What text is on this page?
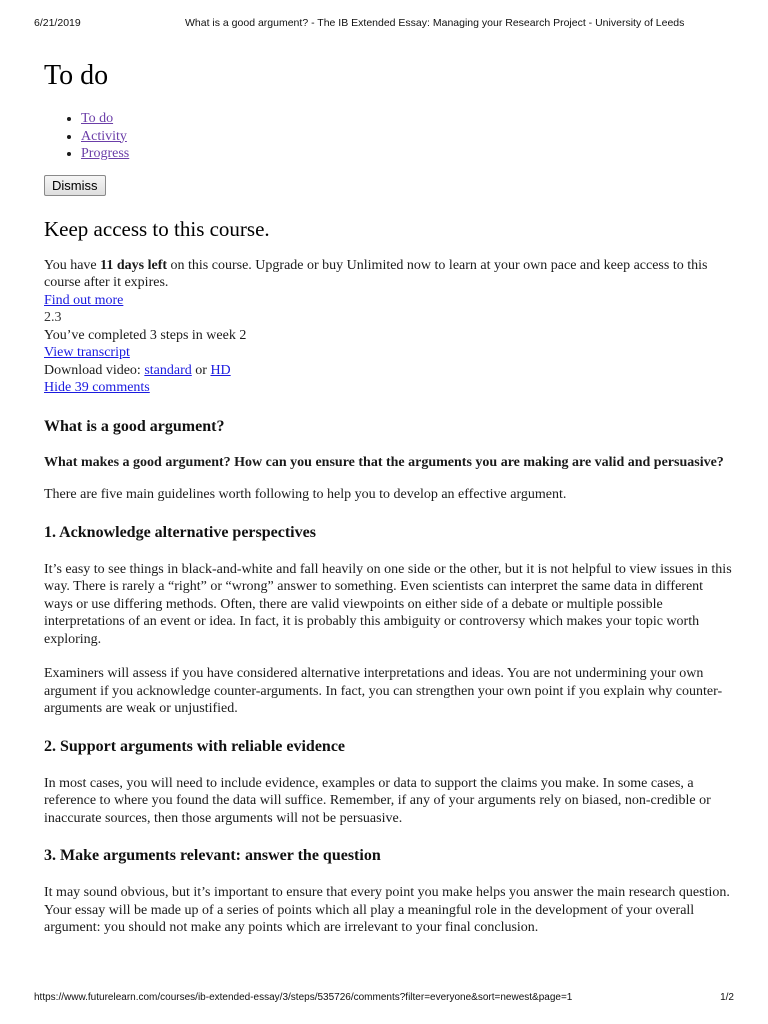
6/21/2019	What is a good argument? - The IB Extended Essay: Managing your Research Project - University of Leeds
To do
• To do
• Activity
• Progress
Dismiss
Keep access to this course.

You have 11 days left on this course. Upgrade or buy Unlimited now to learn at your own pace and keep access to this course after it expires.

Find out more
2.3
You’ve completed 3 steps in week 2
View transcript
Download video: standard or HD
Hide 39 comments
What is a good argument?

What makes a good argument? How can you ensure that the arguments you are making are valid and persuasive?

There are five main guidelines worth following to help you to develop an effective argument.

1. Acknowledge alternative perspectives

It’s easy to see things in black-and-white and fall heavily on one side or the other, but it is not helpful to view issues in this way. There is rarely a “right” or “wrong” answer to something. Even scientists can interpret the same data in different ways or use differing methods. Often, there are valid viewpoints on either side of a debate or multiple possible interpretations of an event or idea. In fact, it is probably this ambiguity or controversy which makes your topic worth exploring.

Examiners will assess if you have considered alternative interpretations and ideas. You are not undermining your own argument if you acknowledge counter-arguments. In fact, you can strengthen your own point if you explain why counter-arguments are weak or unjustified.

2. Support arguments with reliable evidence

In most cases, you will need to include evidence, examples or data to support the claims you make. In some cases, a reference to where you found the data will suffice. Remember, if any of your arguments rely on biased, non-credible or inaccurate sources, then those arguments will not be persuasive.

3. Make arguments relevant: answer the question

It may sound obvious, but it’s important to ensure that every point you make helps you answer the main research question. Your essay will be made up of a series of points which all play a meaningful role in the development of your overall argument: you should not make any points which are irrelevant to your final conclusion.

https://www.futurelearn.com/courses/ib-extended-essay/3/steps/535726/comments?filter=everyone&sort=newest&page=1	1/2
